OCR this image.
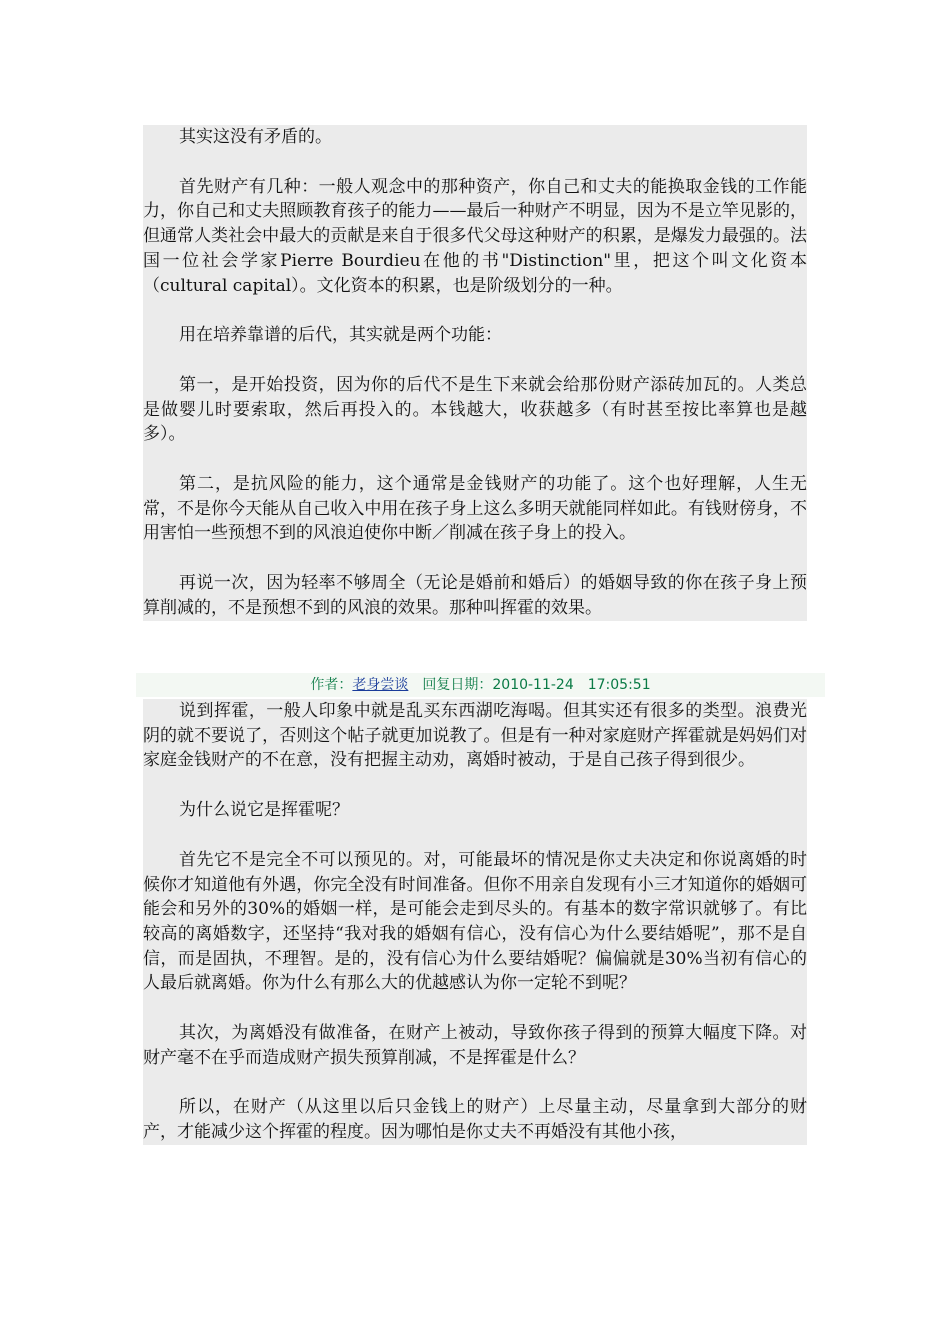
其实这没有矛盾的。

首先财产有几种：一般人观念中的那种资产，你自己和丈夫的能换取金钱的工作能力，你自己和丈夫照顾教育孩子的能力——最后一种财产不明显，因为不是立竿见影的，但通常人类社会中最大的贡献是来自于很多代父母这种财产的积累，是爆发力最强的。法国一位社会学家Pierre Bourdieu在他的书"Distinction"里，把这个叫文化资本（cultural capital）。文化资本的积累，也是阶级划分的一种。

用在培养靠谱的后代，其实就是两个功能：

第一，是开始投资，因为你的后代不是生下来就会给那份财产添砖加瓦的。人类总是做婴儿时要索取，然后再投入的。本钱越大，收获越多（有时甚至按比率算也是越多）。

第二，是抗风险的能力，这个通常是金钱财产的功能了。这个也好理解，人生无常，不是你今天能从自己收入中用在孩子身上这么多明天就能同样如此。有钱财傍身，不用害怕一些预想不到的风浪迫使你中断／削减在孩子身上的投入。

再说一次，因为轻率不够周全（无论是婚前和婚后）的婚姻导致的你在孩子身上预算削减的，不是预想不到的风浪的效果。那种叫挥霍的效果。

作者：老身尝谈　 回复日期：2010-11-24　17:05:51

说到挥霍，一般人印象中就是乱买东西湖吃海喝。但其实还有很多的类型。浪费光阴的就不要说了，否则这个帖子就更加说教了。但是有一种对家庭财产挥霍就是妈妈们对家庭金钱财产的不在意，没有把握主动劝，离婚时被动，于是自己孩子得到很少。

为什么说它是挥霍呢？

首先它不是完全不可以预见的。对，可能最坏的情况是你丈夫决定和你说离婚的时候你才知道他有外遇，你完全没有时间准备。但你不用亲自发现有小三才知道你的婚姻可能会和另外的30%的婚姻一样，是可能会走到尽头的。有基本的数字常识就够了。有比较高的离婚数字，还坚持“我对我的婚姻有信心，没有信心为什么要结婚呢”，那不是自信，而是固执，不理智。是的，没有信心为什么要结婚呢？偏偏就是30%当初有信心的人最后就离婚。你为什么有那么大的优越感认为你一定轮不到呢？

其次，为离婚没有做准备，在财产上被动，导致你孩子得到的预算大幅度下降。对财产毫不在乎而造成财产损失预算削减，不是挥霍是什么？

所以，在财产（从这里以后只金钱上的财产）上尽量主动，尽量拿到大部分的财产，才能减少这个挥霍的程度。因为哪怕是你丈夫不再婚没有其他小孩，
